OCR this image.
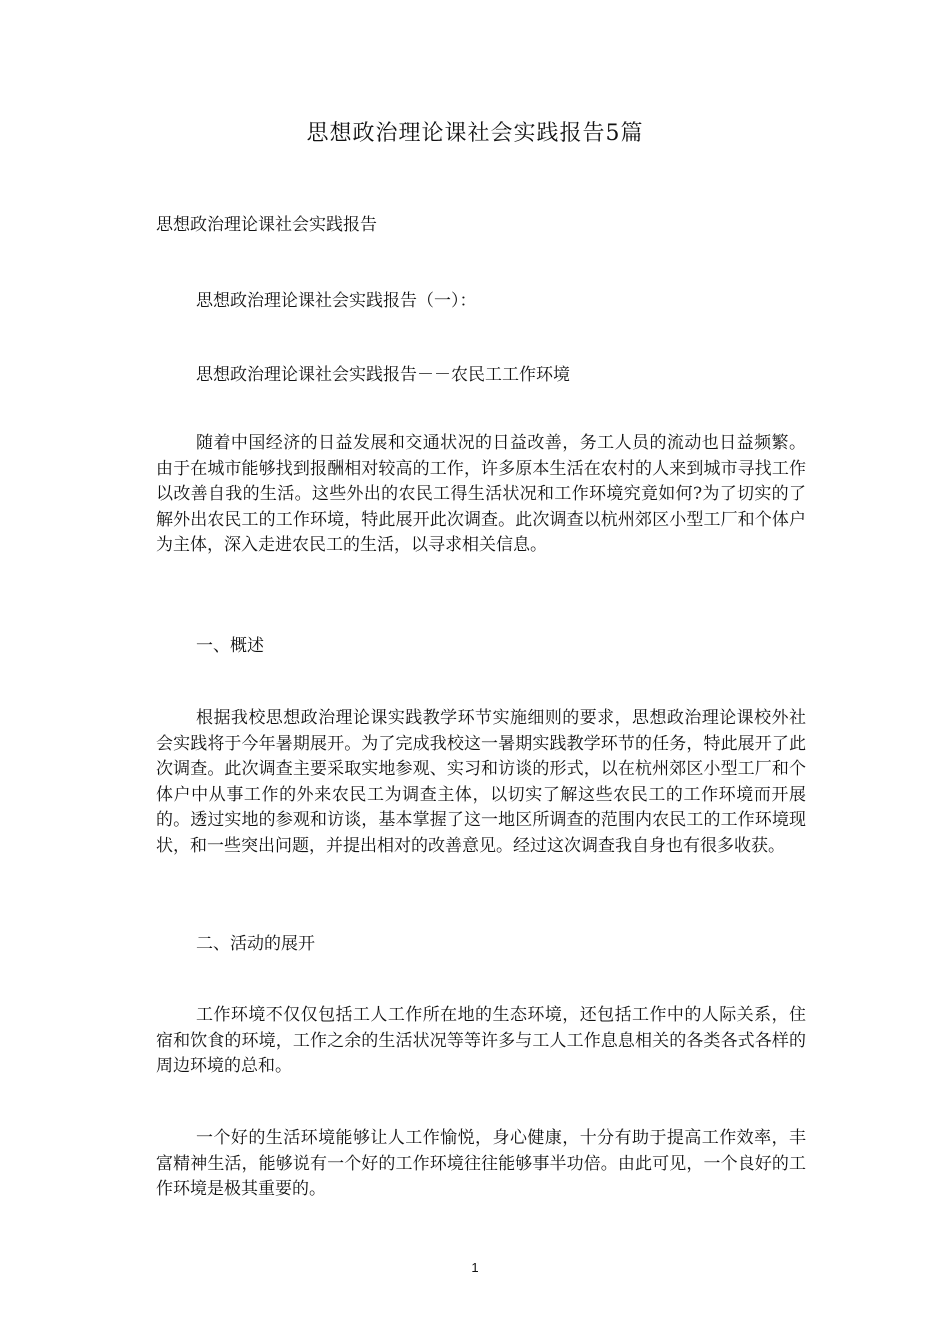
思想政治理论课社会实践报告5篇
思想政治理论课社会实践报告
思想政治理论课社会实践报告（一）：
思想政治理论课社会实践报告－－农民工工作环境
随着中国经济的日益发展和交通状况的日益改善，务工人员的流动也日益频繁。由于在城市能够找到报酬相对较高的工作，许多原本生活在农村的人来到城市寻找工作以改善自我的生活。这些外出的农民工得生活状况和工作环境究竟如何?为了切实的了解外出农民工的工作环境，特此展开此次调查。此次调查以杭州郊区小型工厂和个体户为主体，深入走进农民工的生活，以寻求相关信息。
一、概述
根据我校思想政治理论课实践教学环节实施细则的要求，思想政治理论课校外社会实践将于今年暑期展开。为了完成我校这一暑期实践教学环节的任务，特此展开了此次调查。此次调查主要采取实地参观、实习和访谈的形式，以在杭州郊区小型工厂和个体户中从事工作的外来农民工为调查主体，以切实了解这些农民工的工作环境而开展的。透过实地的参观和访谈，基本掌握了这一地区所调查的范围内农民工的工作环境现状，和一些突出问题，并提出相对的改善意见。经过这次调查我自身也有很多收获。
二、活动的展开
工作环境不仅仅包括工人工作所在地的生态环境，还包括工作中的人际关系，住宿和饮食的环境，工作之余的生活状况等等许多与工人工作息息相关的各类各式各样的周边环境的总和。
一个好的生活环境能够让人工作愉悦，身心健康，十分有助于提高工作效率，丰富精神生活，能够说有一个好的工作环境往往能够事半功倍。由此可见，一个良好的工作环境是极其重要的。
1
